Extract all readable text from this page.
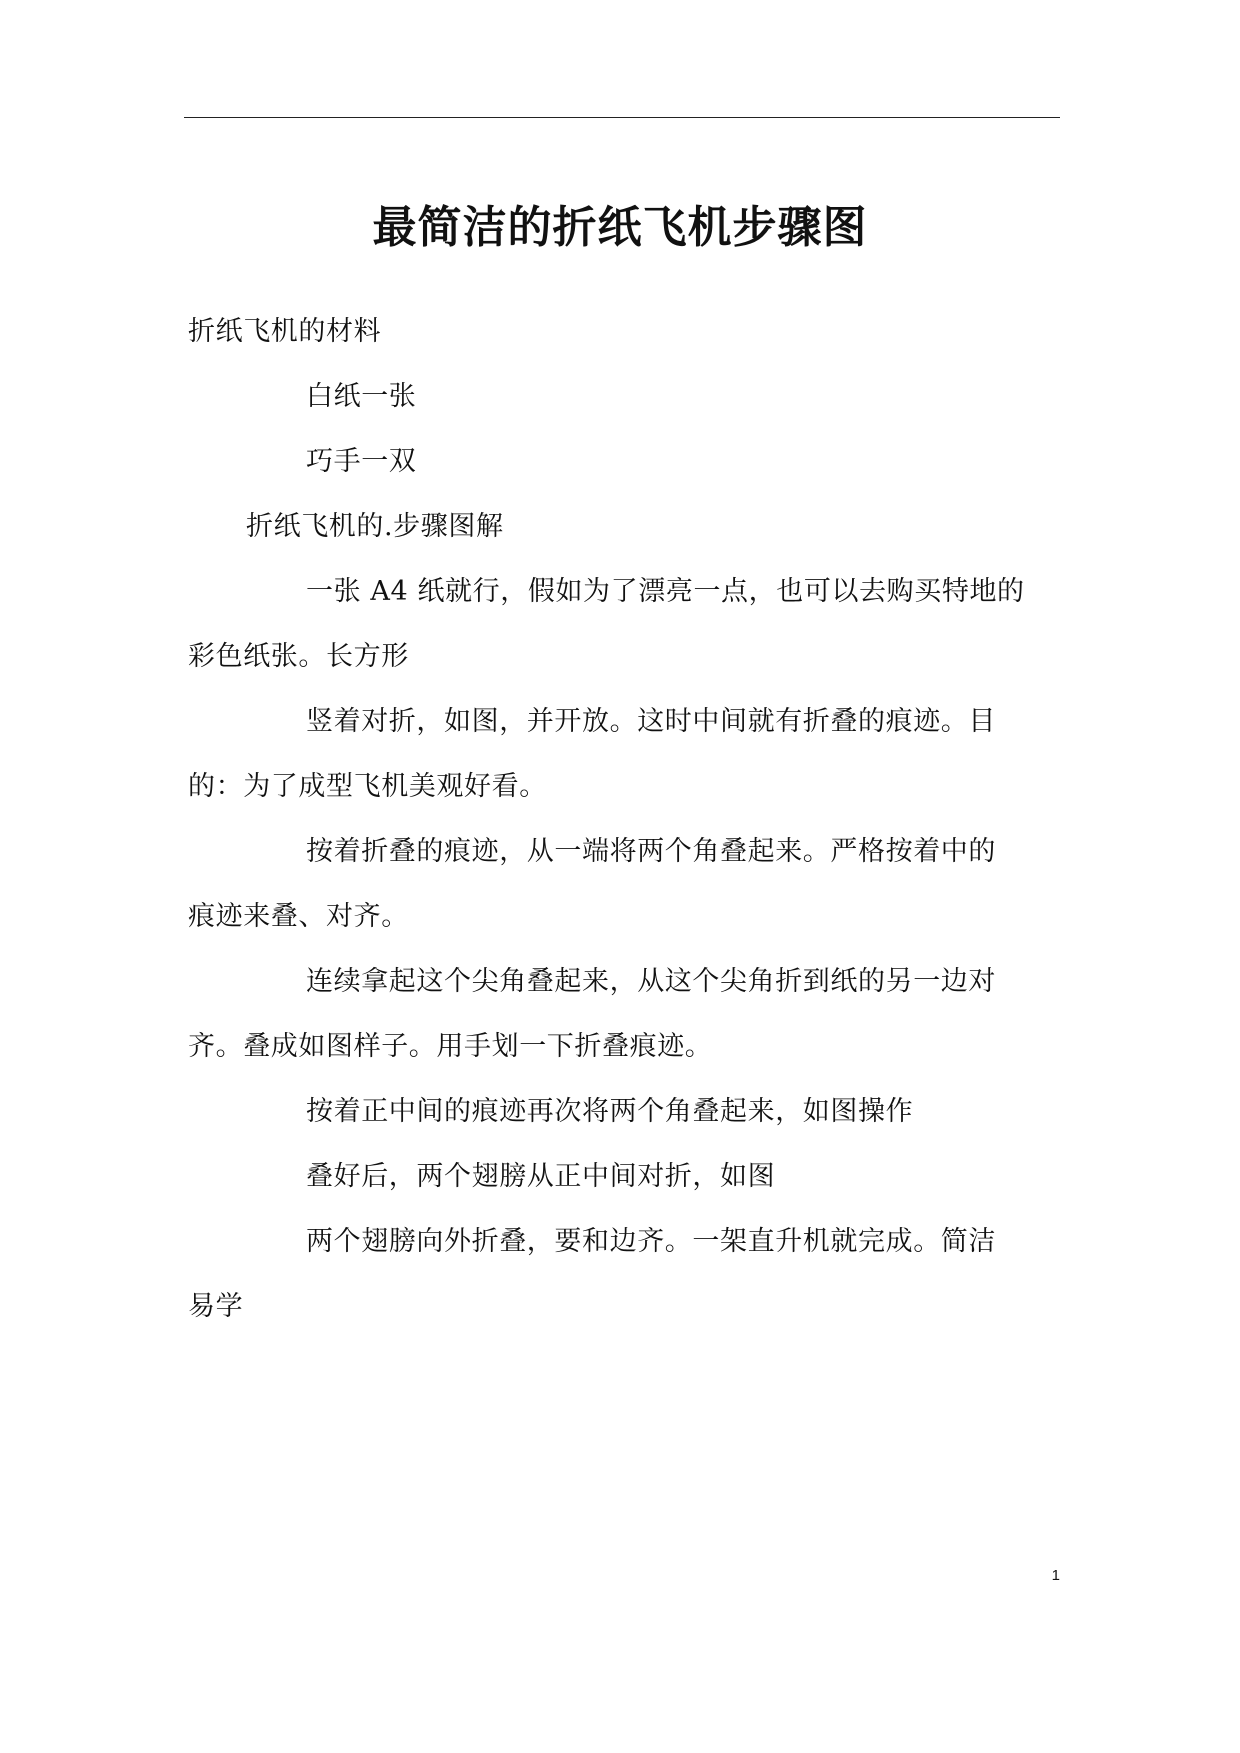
最简洁的折纸飞机步骤图
折纸飞机的材料
白纸一张
巧手一双
折纸飞机的.步骤图解
一张 A4 纸就行，假如为了漂亮一点，也可以去购买特地的
彩色纸张。长方形
竖着对折，如图，并开放。这时中间就有折叠的痕迹。目
的：为了成型飞机美观好看。
按着折叠的痕迹，从一端将两个角叠起来。严格按着中的
痕迹来叠、对齐。
连续拿起这个尖角叠起来，从这个尖角折到纸的另一边对
齐。叠成如图样子。用手划一下折叠痕迹。
按着正中间的痕迹再次将两个角叠起来，如图操作
叠好后，两个翅膀从正中间对折，如图
两个翅膀向外折叠，要和边齐。一架直升机就完成。简洁
易学
1
